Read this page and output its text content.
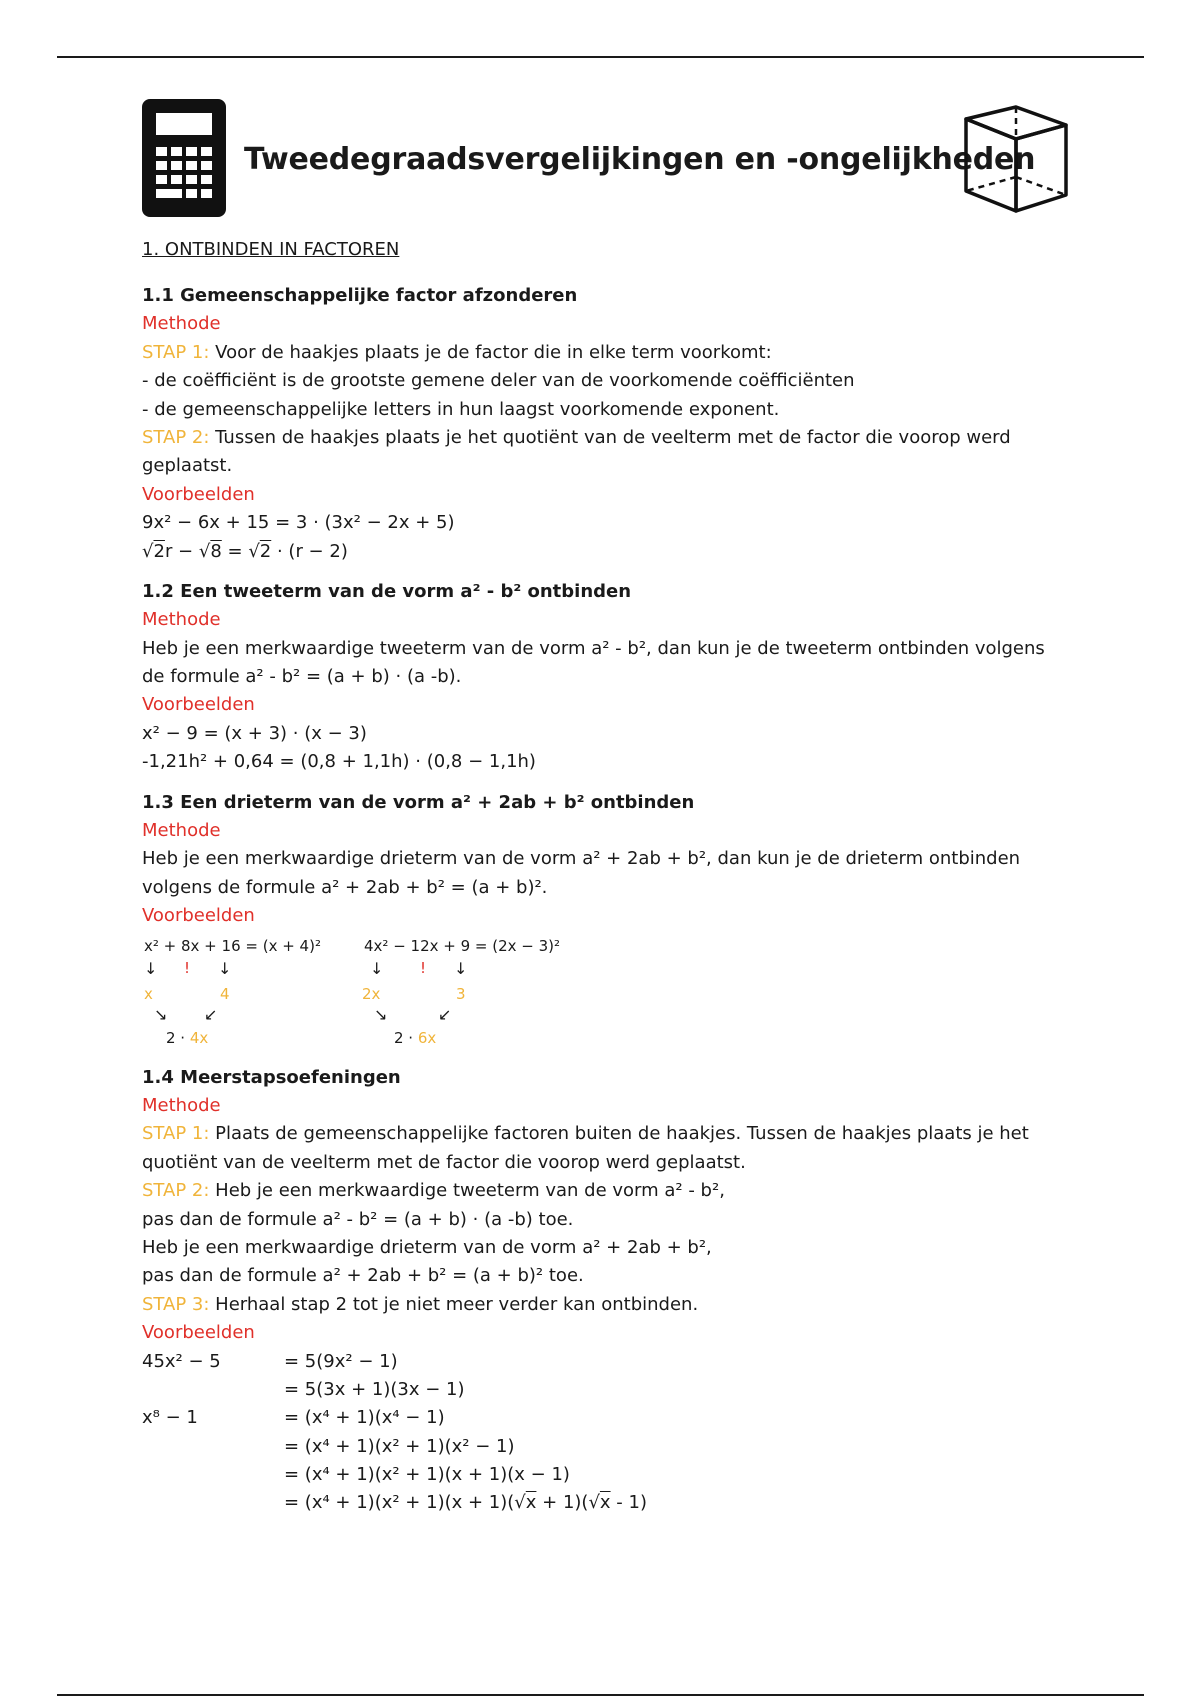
Tweedegraadsvergelijkingen en -ongelijkheden
1. ONTBINDEN IN FACTOREN
1.1 Gemeenschappelijke factor afzonderen
Methode
STAP 1: Voor de haakjes plaats je de factor die in elke term voorkomt:
- de coëfficiënt is de grootste gemene deler van de voorkomende coëfficiënten
- de gemeenschappelijke letters in hun laagst voorkomende exponent.
STAP 2: Tussen de haakjes plaats je het quotiënt van de veelterm met de factor die voorop werd
geplaatst.
Voorbeelden
9x² − 6x + 15 = 3 · (3x² − 2x + 5)
√2r − √8 = √2 · (r − 2)
1.2 Een tweeterm van de vorm a² - b² ontbinden
Methode
Heb je een merkwaardige tweeterm van de vorm a² - b², dan kun je de tweeterm ontbinden volgens
de formule a² - b² = (a + b) · (a -b).
Voorbeelden
x² − 9 = (x + 3) · (x − 3)
-1,21h² + 0,64 = (0,8 + 1,1h) · (0,8 − 1,1h)
1.3 Een drieterm van de vorm a² + 2ab + b² ontbinden
Methode
Heb je een merkwaardige drieterm van de vorm a² + 2ab + b², dan kun je de drieterm ontbinden
volgens de formule a² + 2ab + b² = (a + b)².
Voorbeelden
x² + 8x + 16 = (x + 4)²
↓ ! ↓
x	4
↘ ↙
2 · 4x
4x² − 12x + 9 = (2x − 3)²
↓ ! ↓
2x	3
↘	↙
2 · 6x
1.4 Meerstapsoefeningen
Methode
STAP 1: Plaats de gemeenschappelijke factoren buiten de haakjes. Tussen de haakjes plaats je het
quotiënt van de veelterm met de factor die voorop werd geplaatst.
STAP 2: Heb je een merkwaardige tweeterm van de vorm a² - b²,
pas dan de formule a² - b² = (a + b) · (a -b) toe.
Heb je een merkwaardige drieterm van de vorm a² + 2ab + b²,
pas dan de formule a² + 2ab + b² = (a + b)² toe.
STAP 3: Herhaal stap 2 tot je niet meer verder kan ontbinden.
Voorbeelden
45x² − 5	= 5(9x² − 1)
= 5(3x + 1)(3x − 1)
x⁸ − 1	= (x⁴ + 1)(x⁴ − 1)
= (x⁴ + 1)(x² + 1)(x² − 1)
= (x⁴ + 1)(x² + 1)(x + 1)(x − 1)
= (x⁴ + 1)(x² + 1)(x + 1)(√x + 1)(√x - 1)
